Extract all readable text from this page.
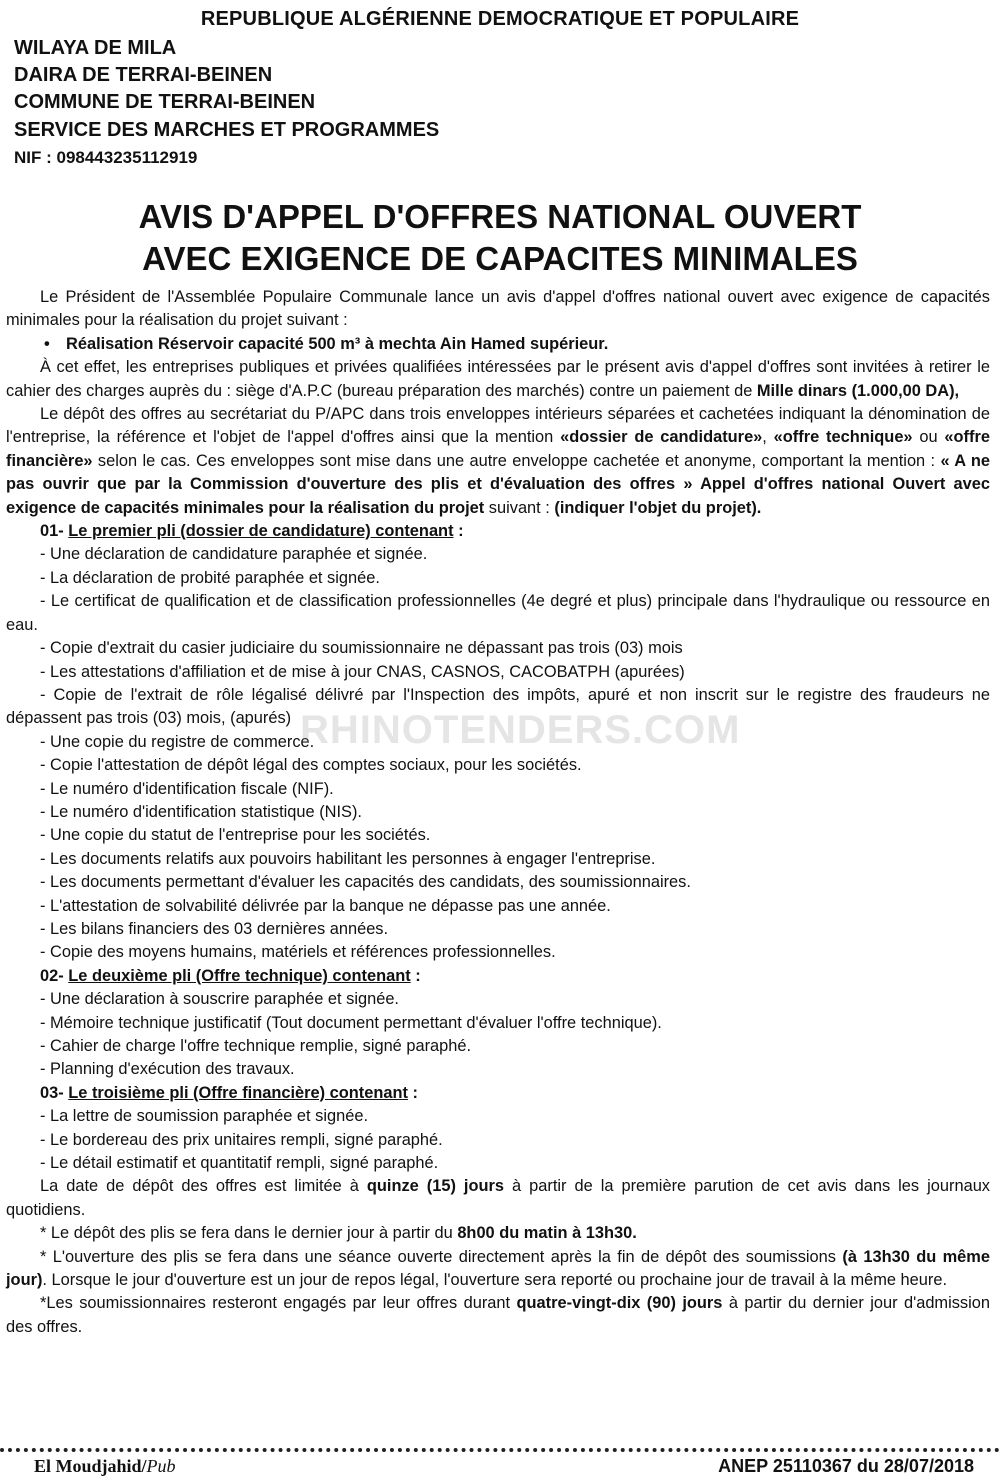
REPUBLIQUE ALGÉRIENNE DEMOCRATIQUE ET POPULAIRE
WILAYA DE MILA
DAIRA DE TERRAI-BEINEN
COMMUNE DE TERRAI-BEINEN
SERVICE DES MARCHES ET PROGRAMMES
NIF : 098443235112919
AVIS D'APPEL D'OFFRES NATIONAL OUVERT
AVEC EXIGENCE DE CAPACITES MINIMALES

Le Président de l'Assemblée Populaire Communale lance un avis d'appel d'offres national ouvert avec exigence de capacités minimales pour la réalisation du projet suivant :

• Réalisation Réservoir capacité 500 m³ à mechta Ain Hamed supérieur.

À cet effet, les entreprises publiques et privées qualifiées intéressées par le présent avis d'appel d'offres sont invitées à retirer le cahier des charges auprès du : siège d'A.P.C (bureau préparation des marchés) contre un paiement de Mille dinars (1.000,00 DA),

Le dépôt des offres au secrétariat du P/APC dans trois enveloppes intérieurs séparées et cachetées indiquant la dénomination de l'entreprise, la référence et l'objet de l'appel d'offres ainsi que la mention «dossier de candidature», «offre technique» ou «offre financière» selon le cas. Ces enveloppes sont mise dans une autre enveloppe cachetée et anonyme, comportant la mention : « A ne pas ouvrir que par la Commission d'ouverture des plis et d'évaluation des offres » Appel d'offres national Ouvert avec exigence de capacités minimales pour la réalisation du projet suivant : (indiquer l'objet du projet).

01- Le premier pli (dossier de candidature) contenant :

- Une déclaration de candidature paraphée et signée.

- La déclaration de probité paraphée et signée.

- Le certificat de qualification et de classification professionnelles (4e degré et plus) principale dans l'hydraulique ou ressource en eau.

- Copie d'extrait du casier judiciaire du soumissionnaire ne dépassant pas trois (03) mois

- Les attestations d'affiliation et de mise à jour CNAS, CASNOS, CACOBATPH (apurées)

- Copie de l'extrait de rôle légalisé délivré par l'Inspection des impôts, apuré et non inscrit sur le registre des fraudeurs ne dépassent pas trois (03) mois, (apurés)

- Une copie du registre de commerce.

- Copie l'attestation de dépôt légal des comptes sociaux, pour les sociétés.

- Le numéro d'identification fiscale (NIF).

- Le numéro d'identification statistique (NIS).

- Une copie du statut de l'entreprise pour les sociétés.

- Les documents relatifs aux pouvoirs habilitant les personnes à engager l'entreprise.

- Les documents permettant d'évaluer les capacités des candidats, des soumissionnaires.

- L'attestation de solvabilité délivrée par la banque ne dépasse pas une année.

- Les bilans financiers des 03 dernières années.

- Copie des moyens humains, matériels et références professionnelles.

02- Le deuxième pli (Offre technique) contenant :

- Une déclaration à souscrire paraphée et signée.

- Mémoire technique justificatif (Tout document permettant d'évaluer l'offre technique).

- Cahier de charge l'offre technique remplie, signé paraphé.

- Planning d'exécution des travaux.

03- Le troisième pli (Offre financière) contenant :

- La lettre de soumission paraphée et signée.

- Le bordereau des prix unitaires rempli, signé paraphé.

- Le détail estimatif et quantitatif rempli, signé paraphé.

La date de dépôt des offres est limitée à quinze (15) jours à partir de la première parution de cet avis dans les journaux quotidiens.

* Le dépôt des plis se fera dans le dernier jour à partir du 8h00 du matin à 13h30.

* L'ouverture des plis se fera dans une séance ouverte directement après la fin de dépôt des soumissions (à 13h30 du même jour). Lorsque le jour d'ouverture est un jour de repos légal, l'ouverture sera reporté ou prochaine jour de travail à la même heure.

*Les soumissionnaires resteront engagés par leur offres durant quatre-vingt-dix (90) jours à partir du dernier jour d'admission des offres.

RHINOTENDERS.COM
El Moudjahid/Pub	ANEP 25110367 du 28/07/2018
